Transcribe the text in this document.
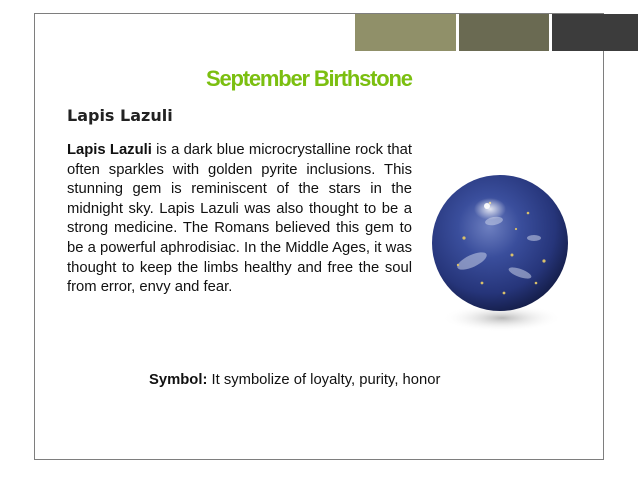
September Birthstone
Lapis Lazuli

Lapis Lazuli is a dark blue microcrystalline rock that often sparkles with golden pyrite inclusions. This stunning gem is reminiscent of the stars in the midnight sky. Lapis Lazuli was also thought to be a strong medicine. The Romans believed this gem to be a powerful aphrodisiac. In the Middle Ages, it was thought to keep the limbs healthy and free the soul from error, envy and fear.

Symbol: It symbolize of loyalty, purity, honor
